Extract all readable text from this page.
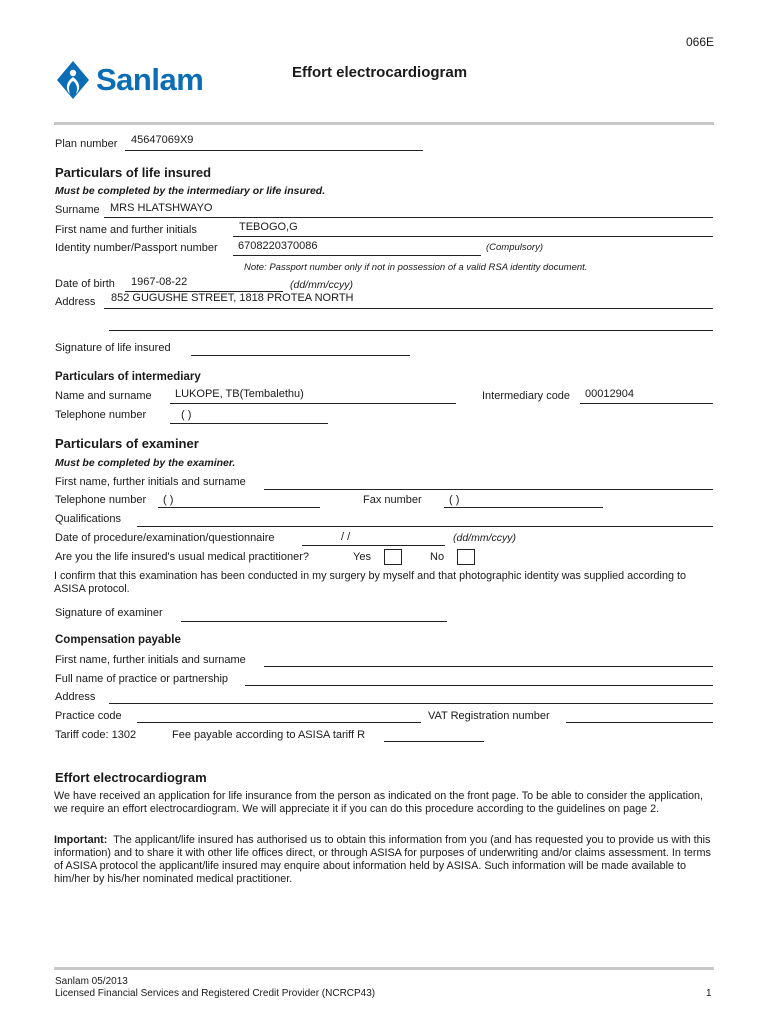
066E
Sanlam	Effort electrocardiogram
Plan number 45647069X9
Particulars of life insured
Must be completed by the intermediary or life insured.
Surname MRS HLATSHWAYO
First name and further initials	TEBOGO,G
Identity number/Passport number 6708220370086	(Compulsory)
Note: Passport number only if not in possession of a valid RSA identity document.
Date of birth 1967-08-22	(dd/mm/ccyy)
Address 852 GUGUSHE STREET, 1818 PROTEA NORTH
Signature of life insured
Particulars of intermediary
Name and surname LUKOPE, TB(Tembalethu)	Intermediary code 00012904
Telephone number	( )
Particulars of examiner
Must be completed by the examiner.
First name, further initials and surname
Telephone number ( )	Fax number ( )
Qualifications
Date of procedure/examination/questionnaire	/ /	(dd/mm/ccyy)
Are you the life insured's usual medical practitioner?	Yes	No
I confirm that this examination has been conducted in my surgery by myself and that photographic identity was supplied according to ASISA protocol.
Signature of examiner
Compensation payable
First name, further initials and surname
Full name of practice or partnership
Address
Practice code	VAT Registration number
Tariff code: 1302	Fee payable according to ASISA tariff R
Effort electrocardiogram
We have received an application for life insurance from the person as indicated on the front page. To be able to consider the application, we require an effort electrocardiogram. We will appreciate it if you can do this procedure according to the guidelines on page 2.
Important: The applicant/life insured has authorised us to obtain this information from you (and has requested you to provide us with this information) and to share it with other life offices direct, or through ASISA for purposes of underwriting and/or claims assessment. In terms of ASISA protocol the applicant/life insured may enquire about information held by ASISA. Such information will be made available to him/her by his/her nominated medical practitioner.
Sanlam 05/2013
Licensed Financial Services and Registered Credit Provider (NCRCP43)	1
